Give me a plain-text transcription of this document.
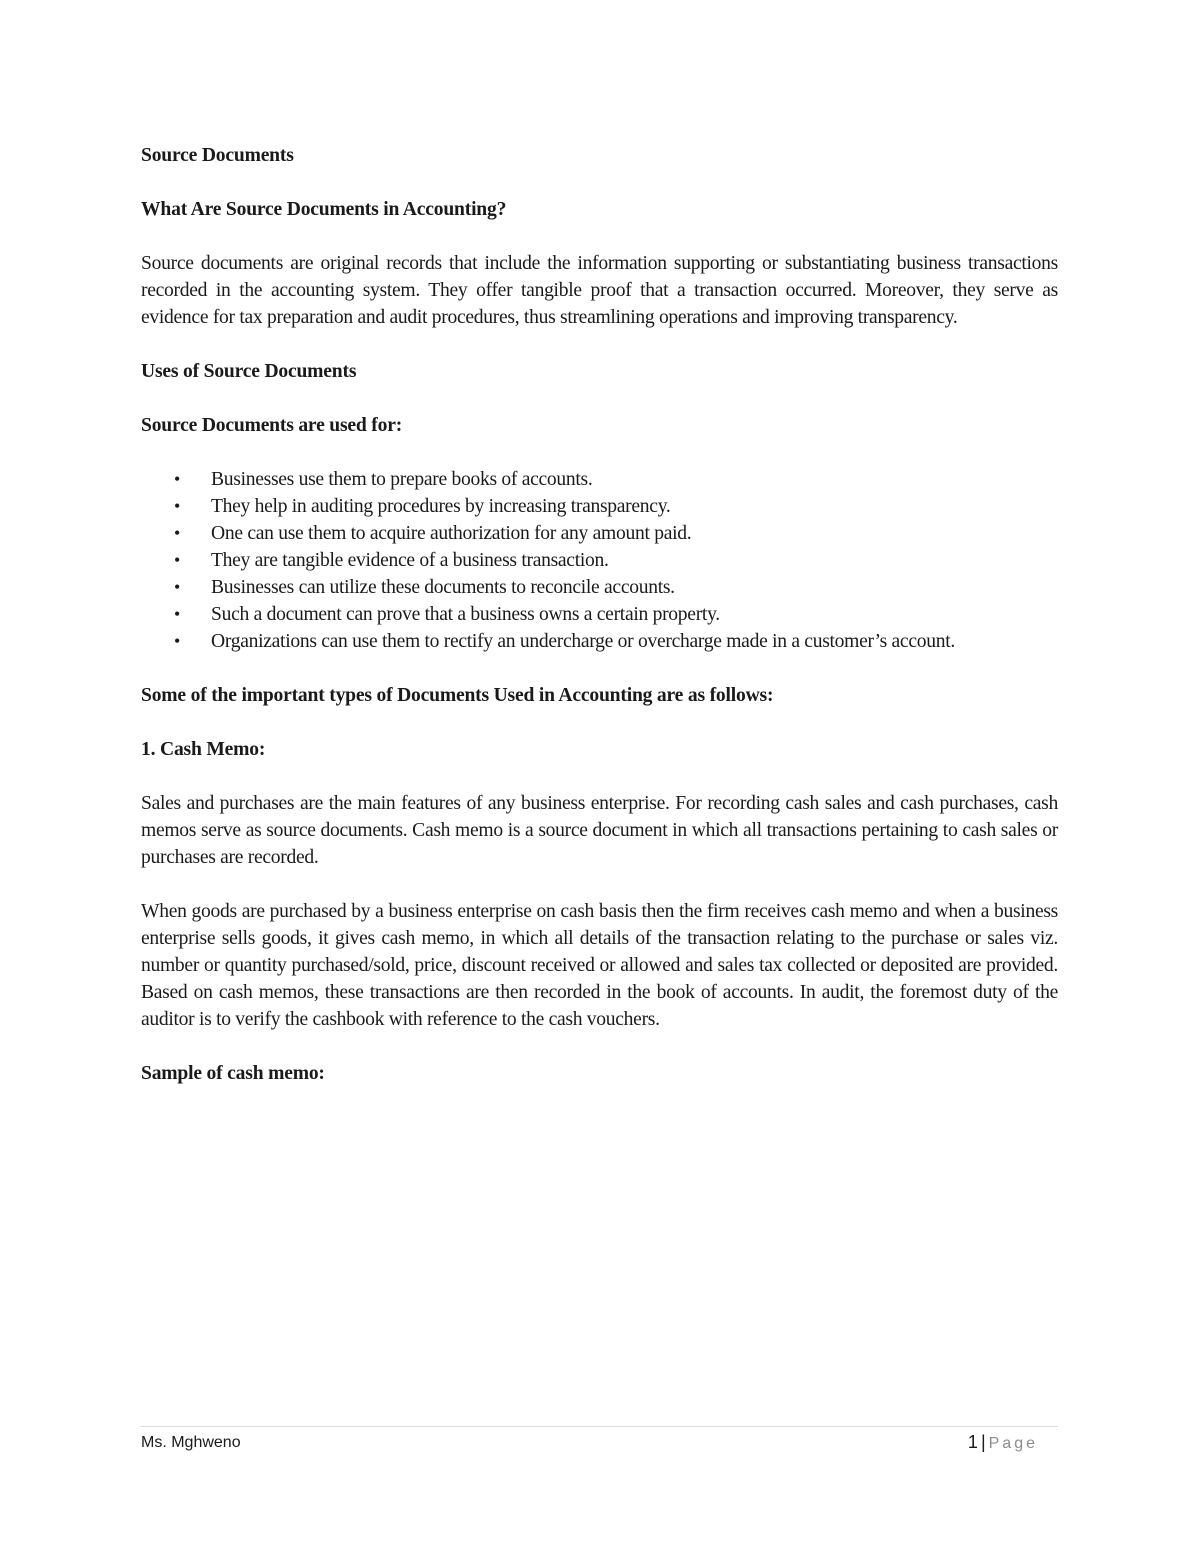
Source Documents

What Are Source Documents in Accounting?

Source documents are original records that include the information supporting or substantiating business transactions recorded in the accounting system. They offer tangible proof that a transaction occurred. Moreover, they serve as evidence for tax preparation and audit procedures, thus streamlining operations and improving transparency.

Uses of Source Documents

Source Documents are used for:

• Businesses use them to prepare books of accounts.
• They help in auditing procedures by increasing transparency.
• One can use them to acquire authorization for any amount paid.
• They are tangible evidence of a business transaction.
• Businesses can utilize these documents to reconcile accounts.
• Such a document can prove that a business owns a certain property.
• Organizations can use them to rectify an undercharge or overcharge made in a customer’s account.

Some of the important types of Documents Used in Accounting are as follows:

1. Cash Memo:

Sales and purchases are the main features of any business enterprise. For recording cash sales and cash purchases, cash memos serve as source documents. Cash memo is a source document in which all transactions pertaining to cash sales or purchases are recorded.

When goods are purchased by a business enterprise on cash basis then the firm receives cash memo and when a business enterprise sells goods, it gives cash memo, in which all details of the transaction relating to the purchase or sales viz. number or quantity purchased/sold, price, discount received or allowed and sales tax collected or deposited are provided. Based on cash memos, these transactions are then recorded in the book of accounts. In audit, the foremost duty of the auditor is to verify the cashbook with reference to the cash vouchers.

Sample of cash memo:

Ms. Mghweno	1 | Page
